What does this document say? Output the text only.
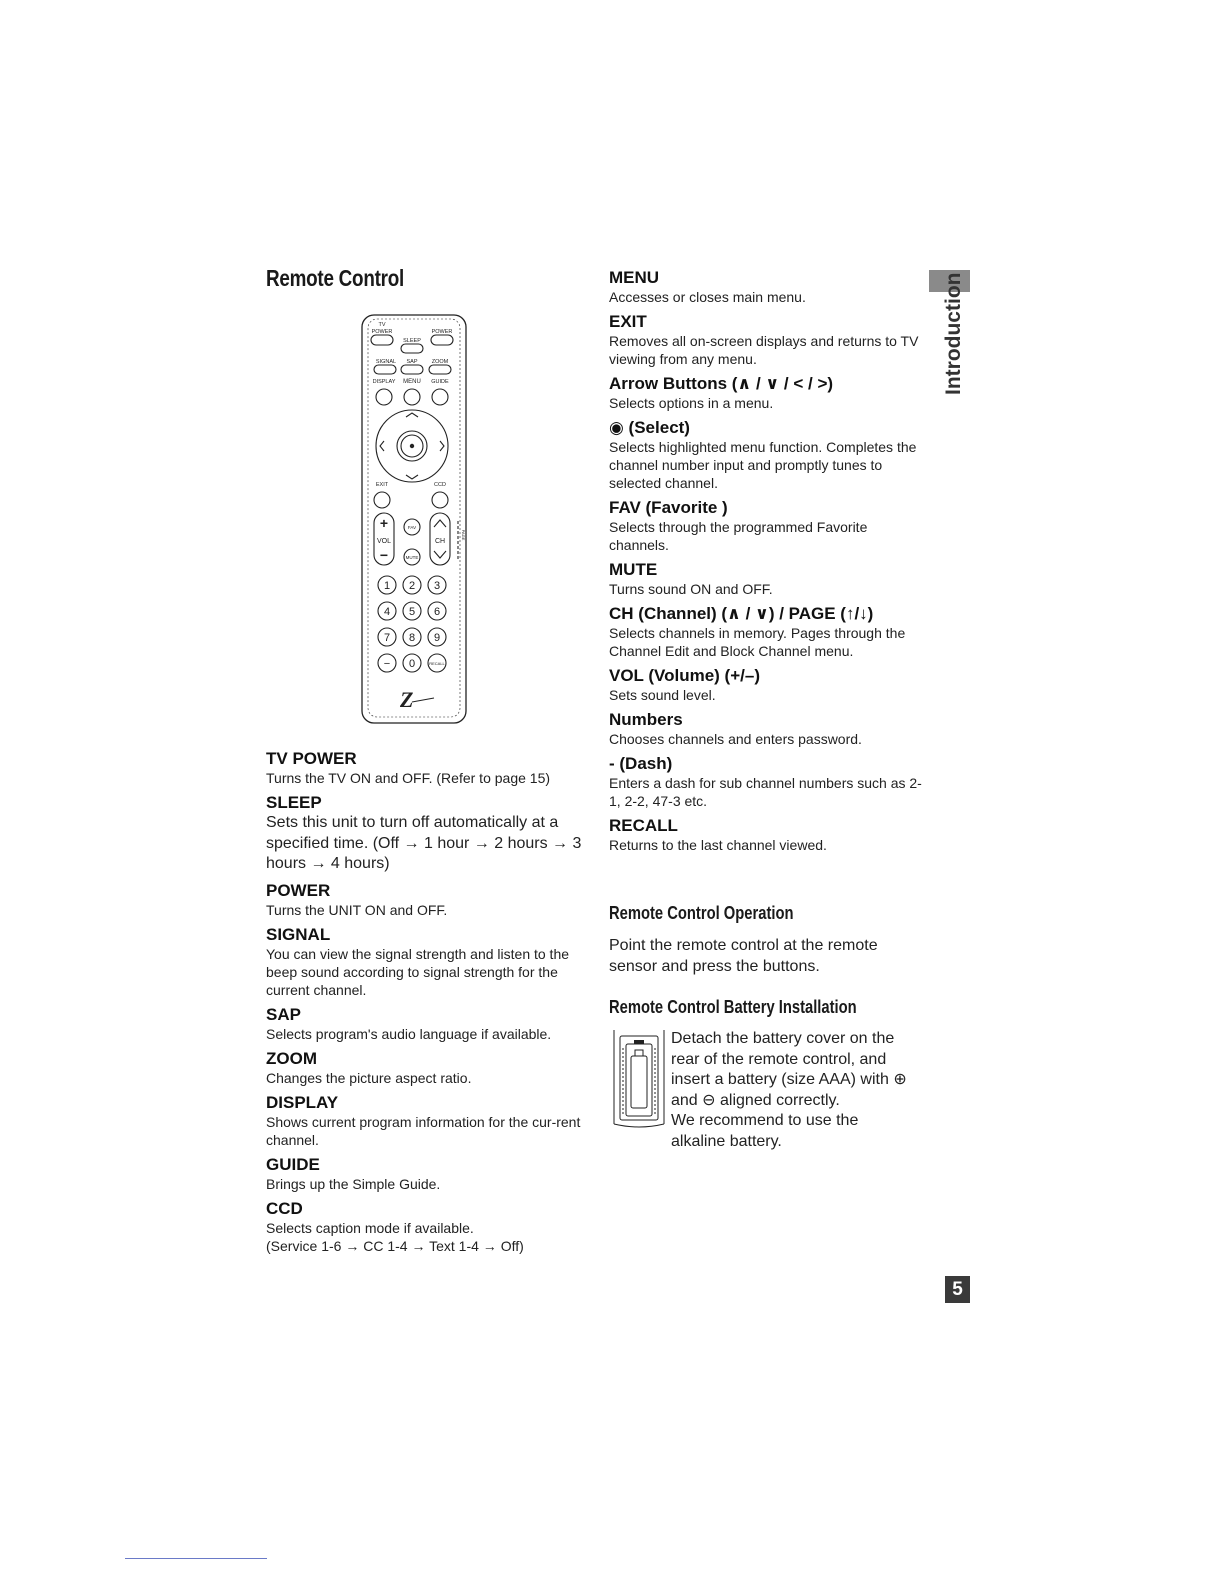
Remote Control
TV
POWER	POWER
SLEEP
SIGNAL SAP	ZOOM
DISPLAY MENU GUIDE
EXIT	CCD
+
VOL
−
CH
FAV
MUTE
PAGE
1 2 3
4 5 6
7 8 9
− 0	RECALL
Z

TV POWER

Turns the TV ON and OFF. (Refer to page 15)

SLEEP

Sets this unit to turn off automatically at a specified time. (Off → 1 hour → 2 hours → 3 hours → 4 hours)

POWER

Turns the UNIT ON and OFF.

SIGNAL

You can view the signal strength and listen to the beep sound according to signal strength for the current channel.

SAP

Selects program's audio language if available.

ZOOM

Changes the picture aspect ratio.

DISPLAY

Shows current program information for the cur-rent channel.

GUIDE

Brings up the Simple Guide.

CCD

Selects caption mode if available.

(Service 1-6 → CC 1-4 → Text 1-4 → Off)

MENU

Accesses or closes main menu.

EXIT

Removes all on-screen displays and returns to TV viewing from any menu.

Arrow Buttons (∧ / ∨ / < / >)

Selects options in a menu.

◉ (Select)

Selects highlighted menu function. Completes the channel number input and promptly tunes to selected channel.

FAV (Favorite )

Selects through the programmed Favorite channels.

MUTE

Turns sound ON and OFF.

CH (Channel) (∧ / ∨) / PAGE (↑/↓)

Selects channels in memory. Pages through the Channel Edit and Block Channel menu.

VOL (Volume) (+/–)

Sets sound level.

Numbers

Chooses channels and enters password.

- (Dash)

Enters a dash for sub channel numbers such as 2-1, 2-2, 47-3 etc.

RECALL

Returns to the last channel viewed.

Remote Control Operation

Point the remote control at the remote sensor and press the buttons.

Remote Control Battery Installation

Detach the battery cover on the rear of the remote control, and insert a battery (size AAA) with ⊕ and ⊖ aligned correctly.
We recommend to use the alkaline battery.

Introduction
5
